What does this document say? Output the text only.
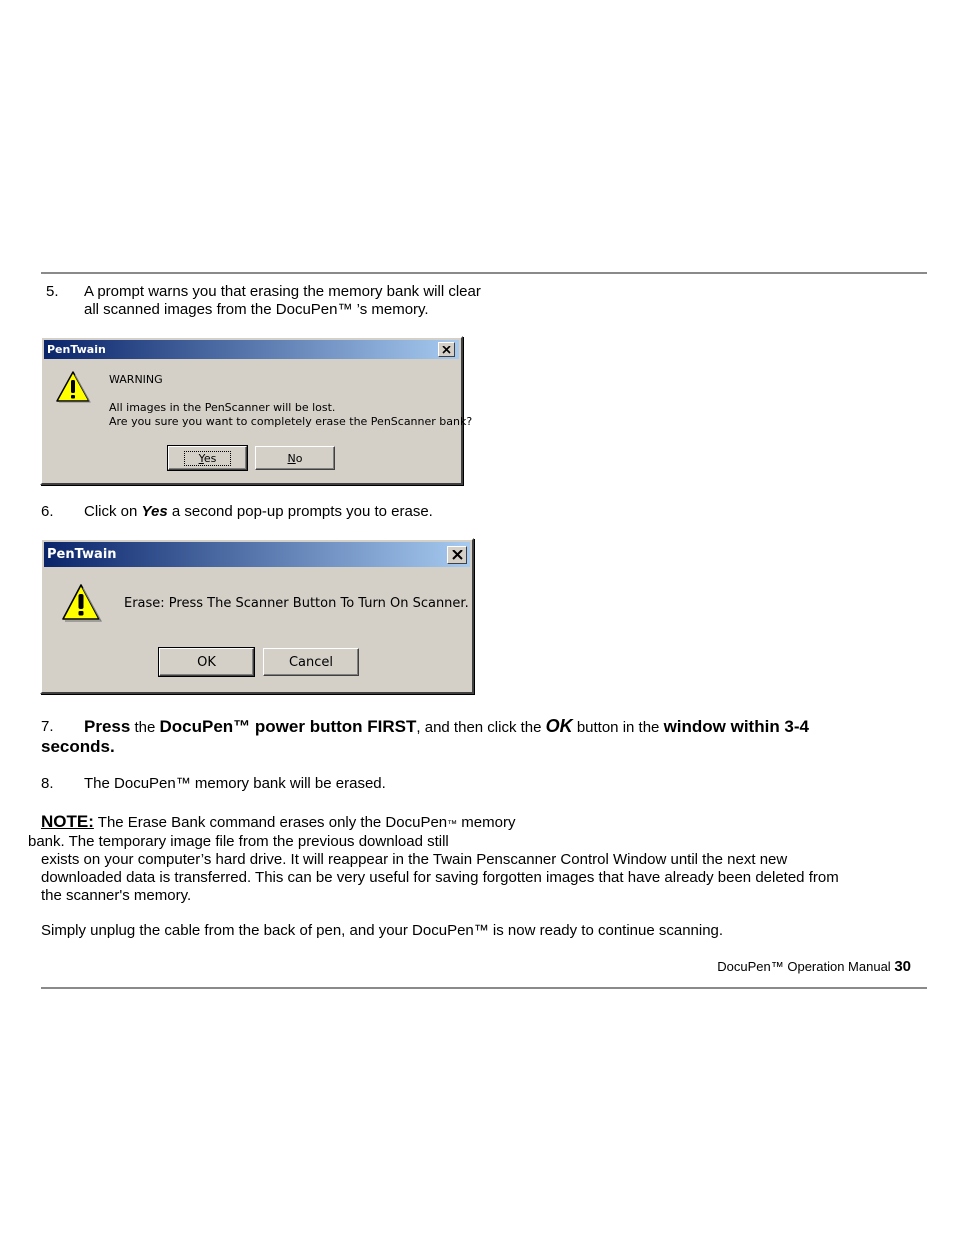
5. A prompt warns you that erasing the memory bank will clear
all scanned images from the DocuPen™ ’s memory.
PenTwain
WARNING
All images in the PenScanner will be lost.
Are you sure you want to completely erase the PenScanner bank?
Yes	No
6. Click on Yes a second pop-up prompts you to erase.
PenTwain
Erase: Press The Scanner Button To Turn On Scanner.
OK	Cancel
7. Press the DocuPen™ power button FIRST, and then click the OK button in the window within 3-4
seconds.
8. The DocuPen™ memory bank will be erased.
NOTE: The Erase Bank command erases only the DocuPen™ memory
bank. The temporary image file from the previous download still
exists on your computer’s hard drive. It will reappear in the Twain Penscanner Control Window until the next new
downloaded data is transferred. This can be very useful for saving forgotten images that have already been deleted from
the scanner's memory.
Simply unplug the cable from the back of pen, and your DocuPen™ is now ready to continue scanning.
DocuPen™ Operation Manual 30
